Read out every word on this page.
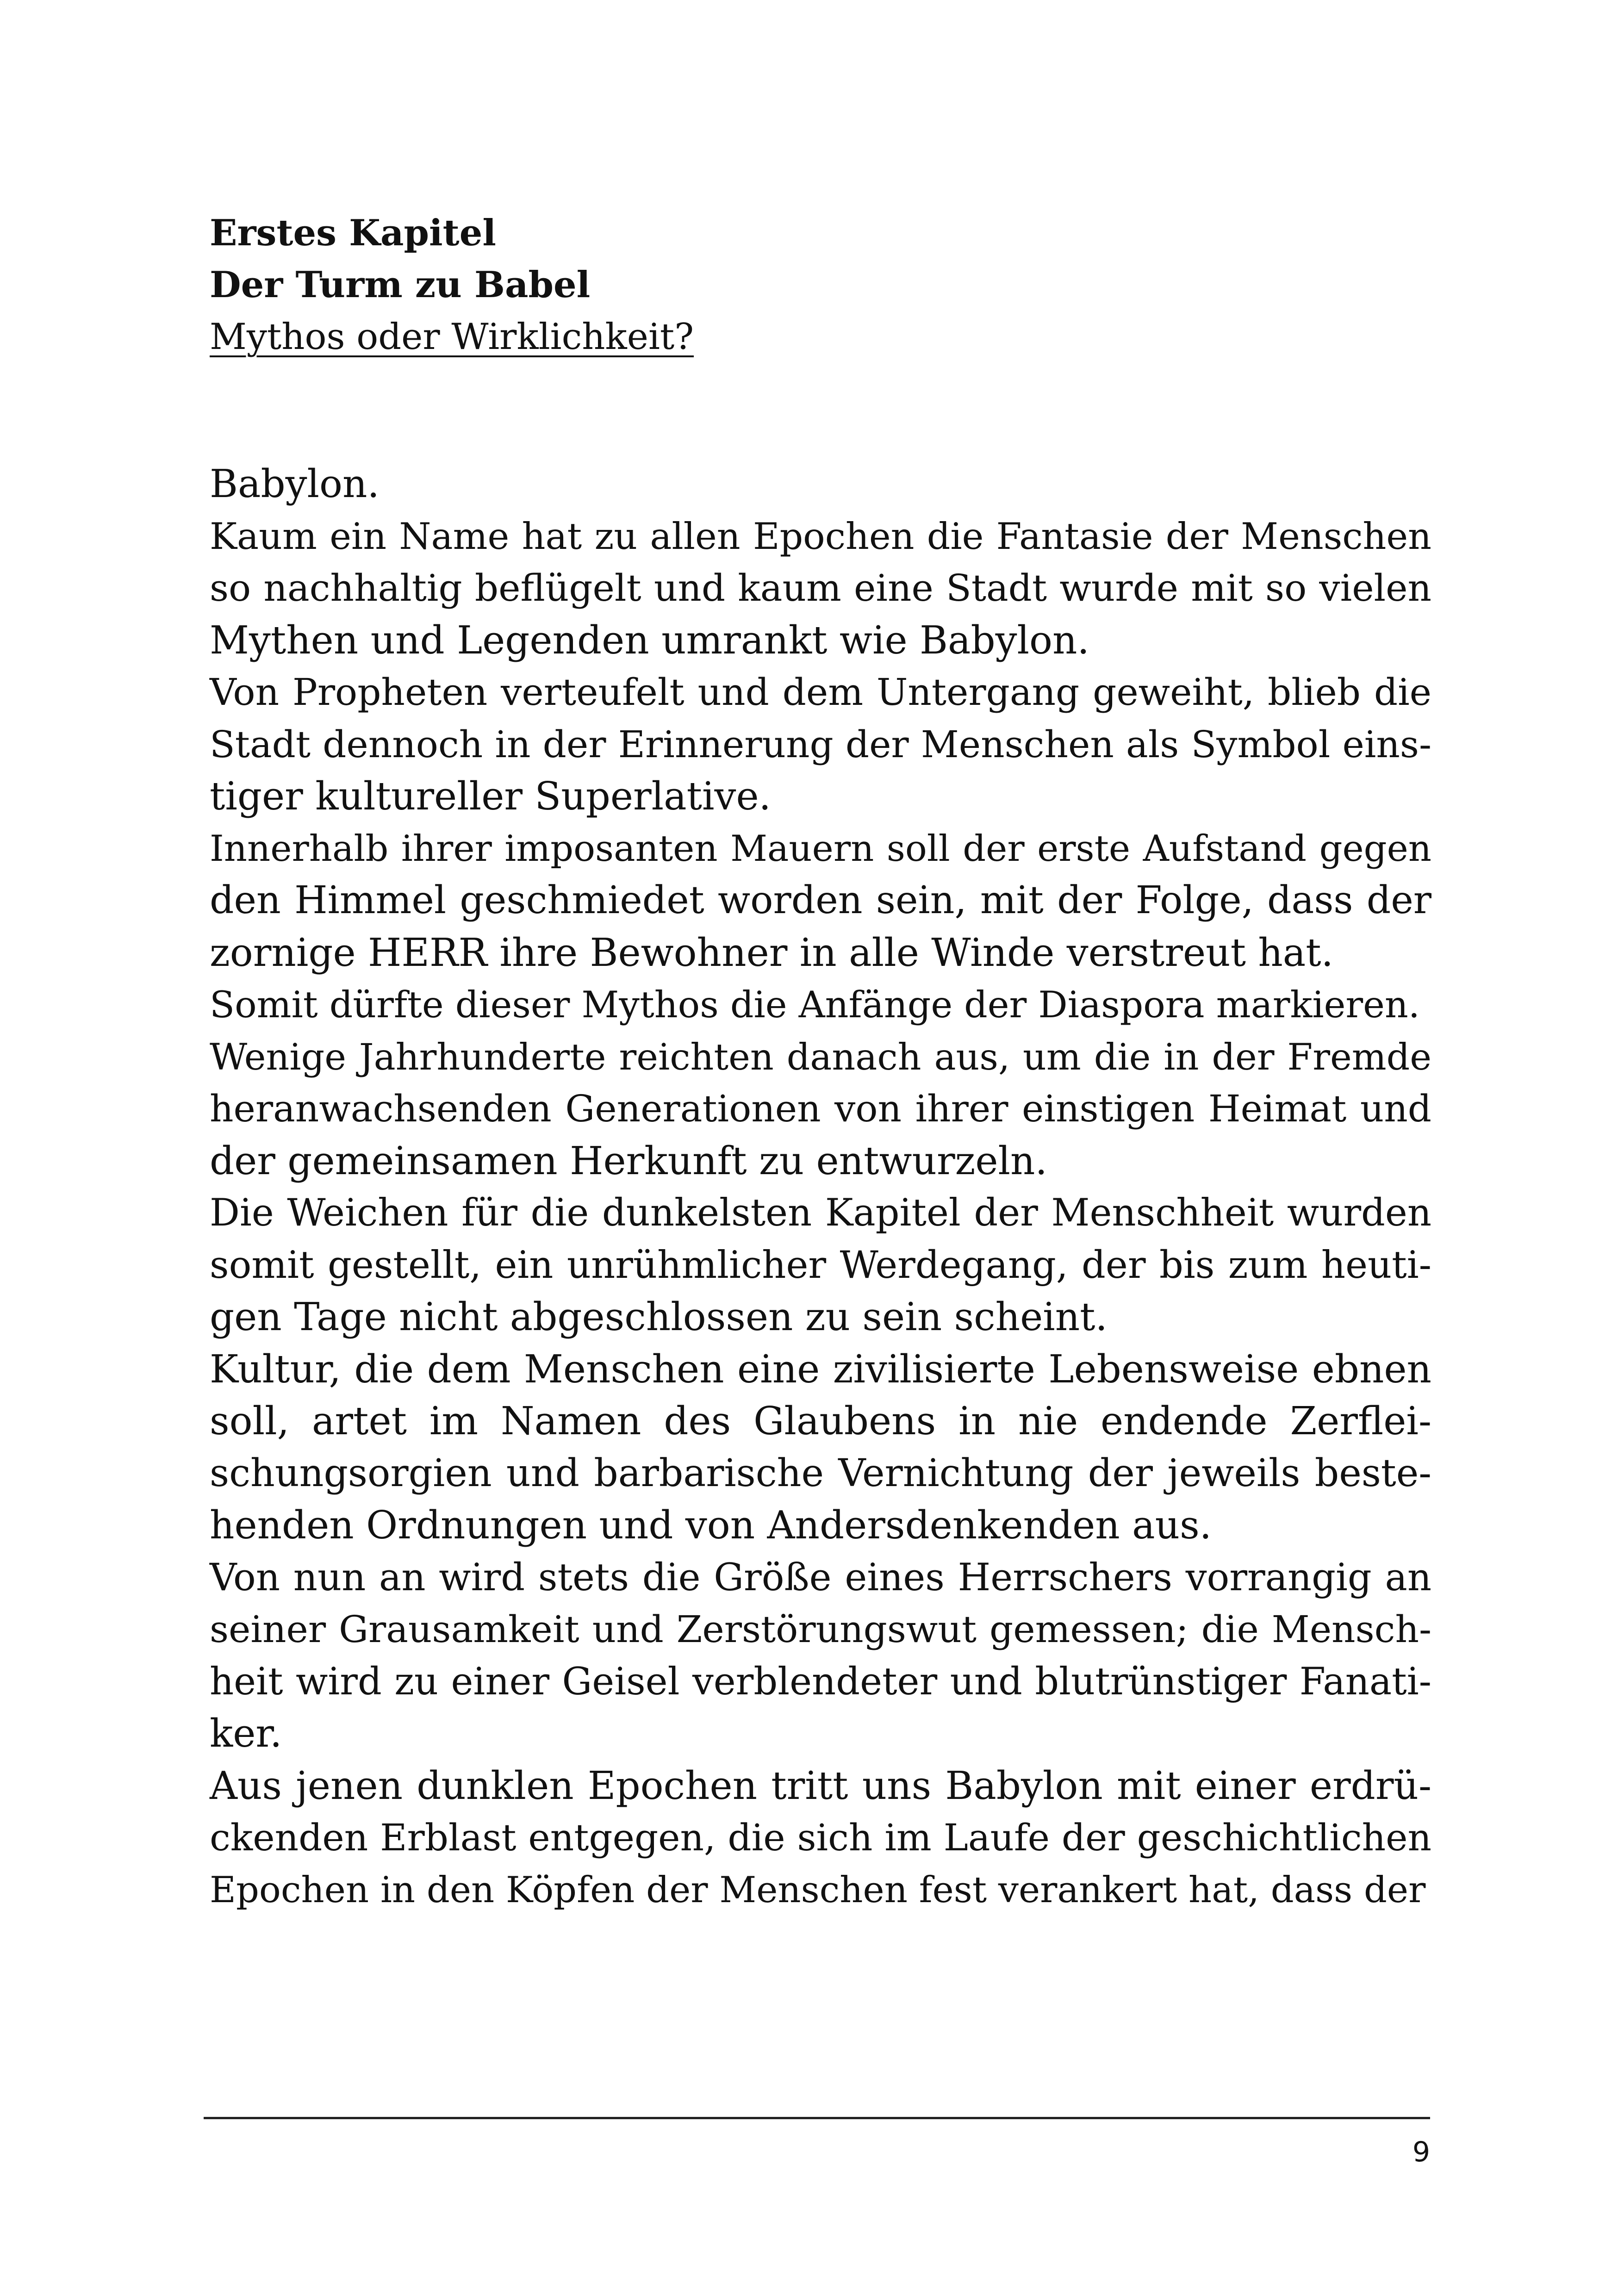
Erstes Kapitel
Der Turm zu Babel
Mythos oder Wirklichkeit?
Babylon.
Kaum ein Name hat zu allen Epochen die Fantasie der Menschen
so nachhaltig beflügelt und kaum eine Stadt wurde mit so vielen
Mythen und Legenden umrankt wie Babylon.
Von Propheten verteufelt und dem Untergang geweiht, blieb die
Stadt dennoch in der Erinnerung der Menschen als Symbol eins-
tiger kultureller Superlative.
Innerhalb ihrer imposanten Mauern soll der erste Aufstand gegen
den Himmel geschmiedet worden sein, mit der Folge, dass der
zornige HERR ihre Bewohner in alle Winde verstreut hat.
Somit dürfte dieser Mythos die Anfänge der Diaspora markieren.
Wenige Jahrhunderte reichten danach aus, um die in der Fremde
heranwachsenden Generationen von ihrer einstigen Heimat und
der gemeinsamen Herkunft zu entwurzeln.
Die Weichen für die dunkelsten Kapitel der Menschheit wurden
somit gestellt, ein unrühmlicher Werdegang, der bis zum heuti-
gen Tage nicht abgeschlossen zu sein scheint.
Kultur, die dem Menschen eine zivilisierte Lebensweise ebnen
soll, artet im Namen des Glaubens in nie endende Zerflei-
schungsorgien und barbarische Vernichtung der jeweils beste-
henden Ordnungen und von Andersdenkenden aus.
Von nun an wird stets die Größe eines Herrschers vorrangig an
seiner Grausamkeit und Zerstörungswut gemessen; die Mensch-
heit wird zu einer Geisel verblendeter und blutrünstiger Fanati-
ker.
Aus jenen dunklen Epochen tritt uns Babylon mit einer erdrü-
ckenden Erblast entgegen, die sich im Laufe der geschichtlichen
Epochen in den Köpfen der Menschen fest verankert hat, dass der
9
